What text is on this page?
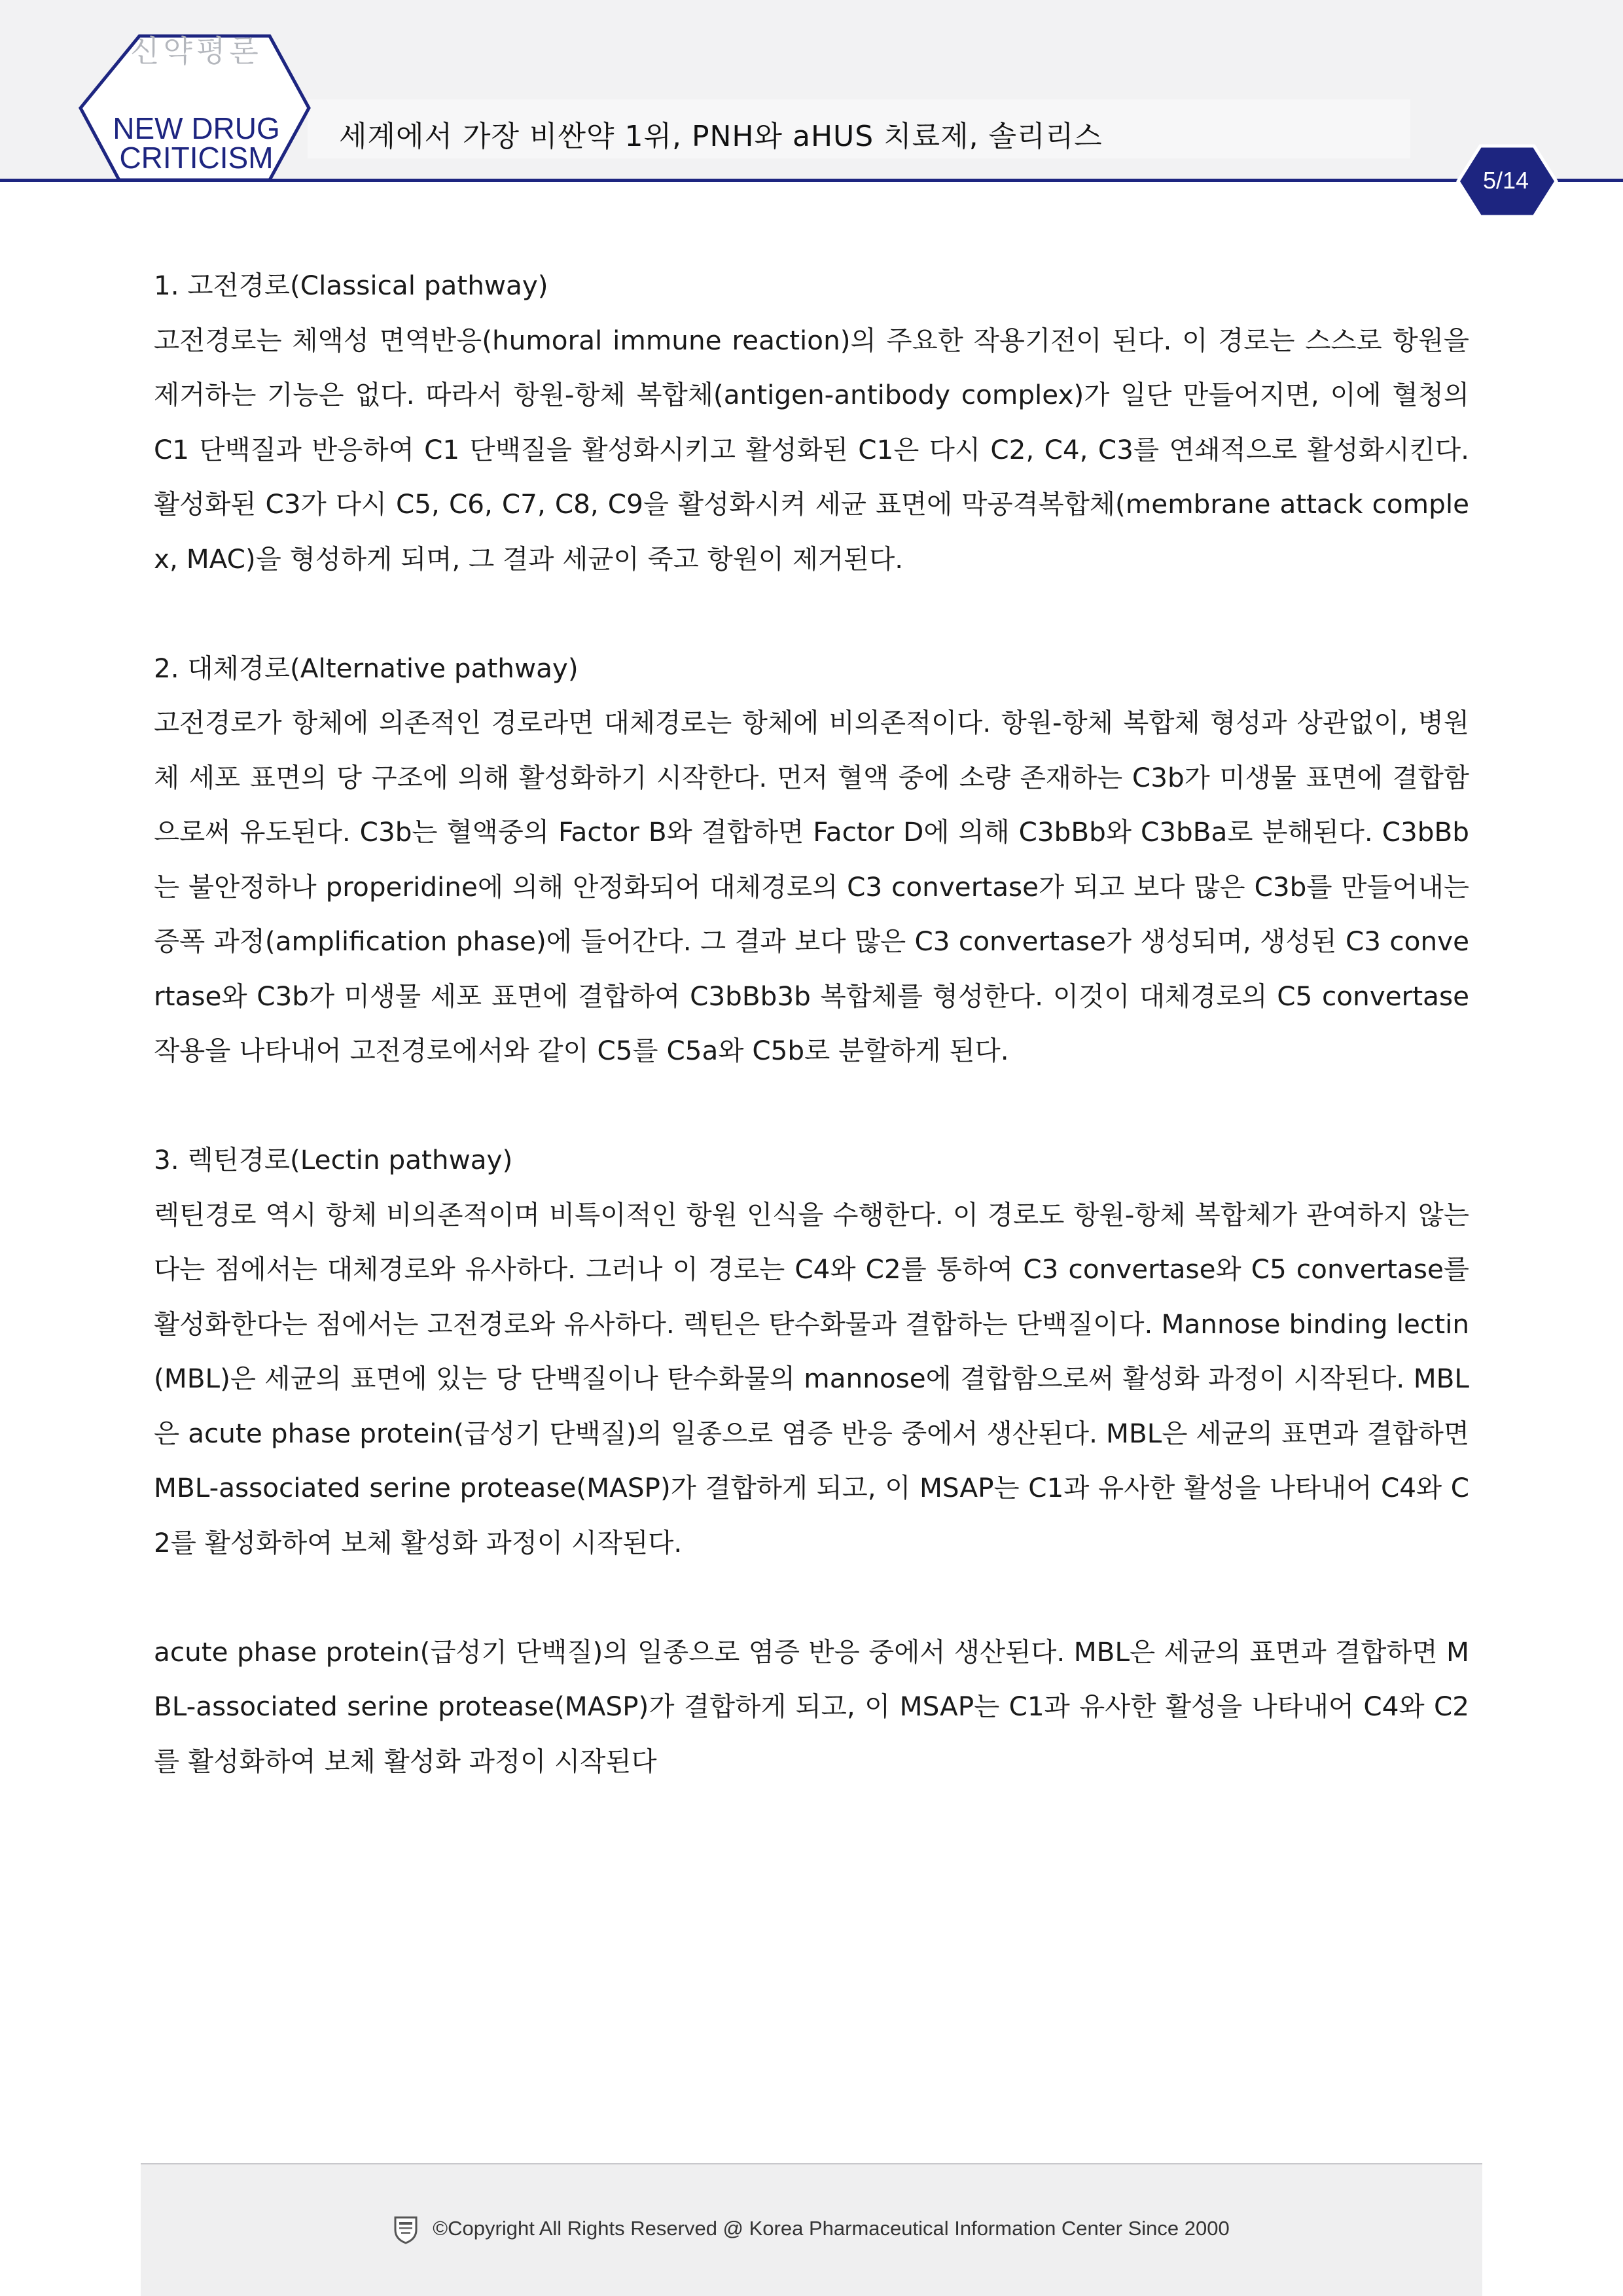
신약평론
NEW DRUG
CRITICISM
세계에서 가장 비싼약 1위, PNH와 aHUS 치료제, 솔리리스
5/14

1. 고전경로(Classical pathway)

고전경로는 체액성 면역반응(humoral immune reaction)의 주요한 작용기전이 된다. 이 경로는 스스로 항원을 제거하는 기능은 없다. 따라서 항원-항체 복합체(antigen-antibody complex)가 일단 만들어지면, 이에 혈청의 C1 단백질과 반응하여 C1 단백질을 활성화시키고 활성화된 C1은 다시 C2, C4, C3를 연쇄적으로 활성화시킨다. 활성화된 C3가 다시 C5, C6, C7, C8, C9을 활성화시켜 세균 표면에 막공격복합체(membrane attack complex, MAC)을 형성하게 되며, 그 결과 세균이 죽고 항원이 제거된다.

2. 대체경로(Alternative pathway)

고전경로가 항체에 의존적인 경로라면 대체경로는 항체에 비의존적이다. 항원-항체 복합체 형성과 상관없이, 병원체 세포 표면의 당 구조에 의해 활성화하기 시작한다. 먼저 혈액 중에 소량 존재하는 C3b가 미생물 표면에 결합함으로써 유도된다. C3b는 혈액중의 Factor B와 결합하면 Factor D에 의해 C3bBb와 C3bBa로 분해된다. C3bBb는 불안정하나 properidine에 의해 안정화되어 대체경로의 C3 convertase가 되고 보다 많은 C3b를 만들어내는 증폭 과정(amplification phase)에 들어간다. 그 결과 보다 많은 C3 convertase가 생성되며, 생성된 C3 convertase와 C3b가 미생물 세포 표면에 결합하여 C3bBb3b 복합체를 형성한다. 이것이 대체경로의 C5 convertase 작용을 나타내어 고전경로에서와 같이 C5를 C5a와 C5b로 분할하게 된다.

3. 렉틴경로(Lectin pathway)

렉틴경로 역시 항체 비의존적이며 비특이적인 항원 인식을 수행한다. 이 경로도 항원-항체 복합체가 관여하지 않는 다는 점에서는 대체경로와 유사하다. 그러나 이 경로는 C4와 C2를 통하여 C3 convertase와 C5 convertase를 활성화한다는 점에서는 고전경로와 유사하다. 렉틴은 탄수화물과 결합하는 단백질이다. Mannose binding lectin(MBL)은 세균의 표면에 있는 당 단백질이나 탄수화물의 mannose에 결합함으로써 활성화 과정이 시작된다. MBL은 acute phase protein(급성기 단백질)의 일종으로 염증 반응 중에서 생산된다. MBL은 세균의 표면과 결합하면 MBL-associated serine protease(MASP)가 결합하게 되고, 이 MSAP는 C1과 유사한 활성을 나타내어 C4와 C2를 활성화하여 보체 활성화 과정이 시작된다.

acute phase protein(급성기 단백질)의 일종으로 염증 반응 중에서 생산된다. MBL은 세균의 표면과 결합하면 MBL-associated serine protease(MASP)가 결합하게 되고, 이 MSAP는 C1과 유사한 활성을 나타내어 C4와 C2를 활성화하여 보체 활성화 과정이 시작된다

©Copyright All Rights Reserved @ Korea Pharmaceutical Information Center Since 2000
